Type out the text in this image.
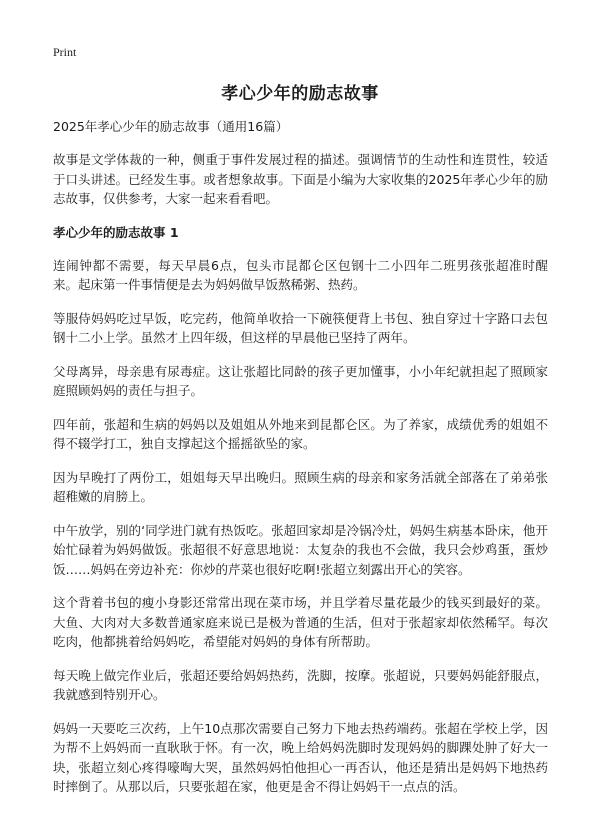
Print
孝心少年的励志故事

2025年孝心少年的励志故事（通用16篇）

故事是文学体裁的一种，侧重于事件发展过程的描述。强调情节的生动性和连贯性，较适于口头讲述。已经发生事。或者想象故事。下面是小编为大家收集的2025年孝心少年的励志故事，仅供参考，大家一起来看看吧。

孝心少年的励志故事 1

连闹钟都不需要，每天早晨6点，包头市昆都仑区包钢十二小四年二班男孩张超准时醒来。起床第一件事情便是去为妈妈做早饭熬稀粥、热药。

等服侍妈妈吃过早饭，吃完药，他简单收拾一下碗筷便背上书包、独自穿过十字路口去包钢十二小上学。虽然才上四年级，但这样的早晨他已坚持了两年。

父母离异，母亲患有尿毒症。这让张超比同龄的孩子更加懂事，小小年纪就担起了照顾家庭照顾妈妈的责任与担子。

四年前，张超和生病的妈妈以及姐姐从外地来到昆都仑区。为了养家，成绩优秀的姐姐不得不辍学打工，独自支撑起这个摇摇欲坠的家。

因为早晚打了两份工，姐姐每天早出晚归。照顾生病的母亲和家务活就全部落在了弟弟张超稚嫩的肩膀上。

中午放学，别的‘同学进门就有热饭吃。张超回家却是冷锅冷灶，妈妈生病基本卧床，他开始忙碌着为妈妈做饭。张超很不好意思地说：太复杂的我也不会做，我只会炒鸡蛋，蛋炒饭……妈妈在旁边补充：你炒的芹菜也很好吃啊!张超立刻露出开心的笑容。

这个背着书包的瘦小身影还常常出现在菜市场，并且学着尽量花最少的钱买到最好的菜。大鱼、大肉对大多数普通家庭来说已是极为普通的生活，但对于张超家却依然稀罕。每次吃肉，他都挑着给妈妈吃，希望能对妈妈的身体有所帮助。

每天晚上做完作业后，张超还要给妈妈热药，洗脚，按摩。张超说，只要妈妈能舒服点，我就感到特别开心。

妈妈一天要吃三次药，上午10点那次需要自己努力下地去热药端药。张超在学校上学，因为帮不上妈妈而一直耿耿于怀。有一次，晚上给妈妈洗脚时发现妈妈的脚踝处肿了好大一块，张超立刻心疼得嚎啕大哭，虽然妈妈怕他担心一再否认，他还是猜出是妈妈下地热药时摔倒了。从那以后，只要张超在家，他更是舍不得让妈妈干一点点的活。
